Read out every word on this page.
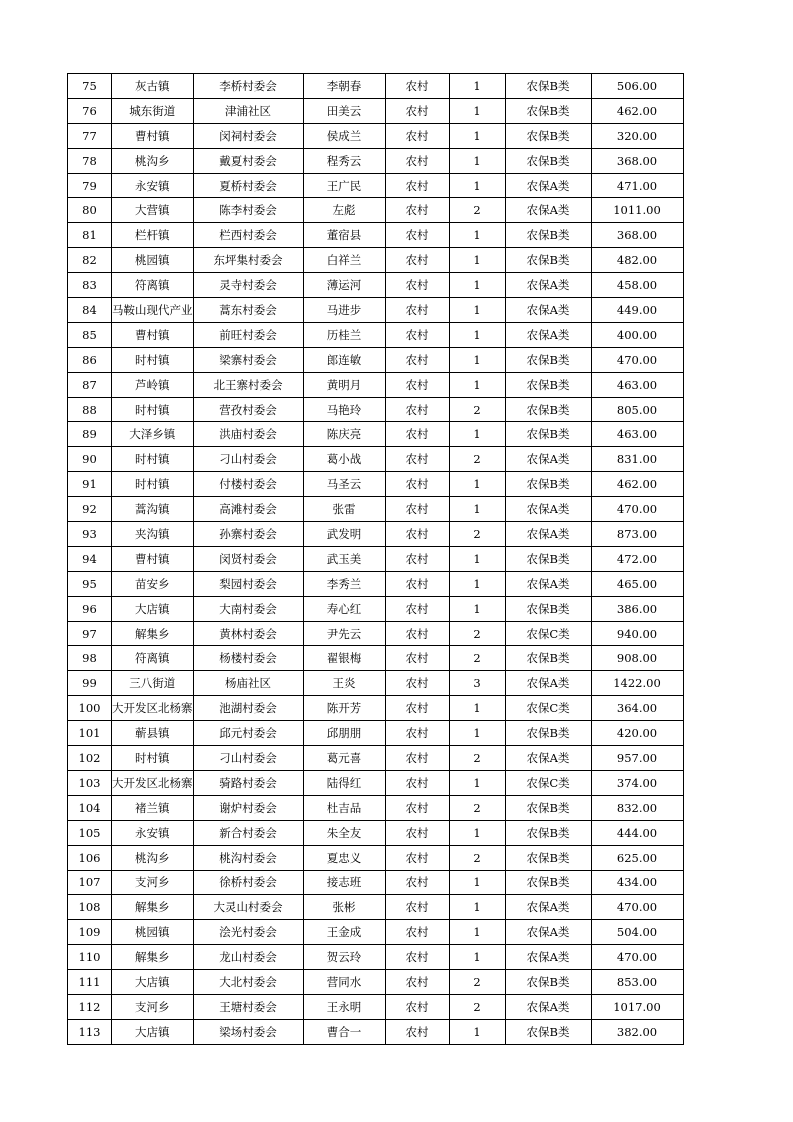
75	灰古镇	李桥村委会	李朝春	农村	1	农保B类	506.00
76	城东街道	津浦社区	田美云	农村	1	农保B类	462.00
77	曹村镇	闵祠村委会	侯成兰	农村	1	农保B类	320.00
78	桃沟乡	戴夏村委会	程秀云	农村	1	农保B类	368.00
79	永安镇	夏桥村委会	王广民	农村	1	农保A类	471.00
80	大营镇	陈李村委会	左彪	农村	2	农保A类	1011.00
81	栏杆镇	栏西村委会	董宿县	农村	1	农保B类	368.00
82	桃园镇	东坪集村委会	白祥兰	农村	1	农保B类	482.00
83	符离镇	灵寺村委会	薄运河	农村	1	农保A类	458.00
84	马鞍山现代产业	蒿东村委会	马进步	农村	1	农保A类	449.00
85	曹村镇	前旺村委会	历桂兰	农村	1	农保A类	400.00
86	时村镇	梁寨村委会	郎连敏	农村	1	农保B类	470.00
87	芦岭镇	北王寨村委会	黄明月	农村	1	农保B类	463.00
88	时村镇	营孜村委会	马艳玲	农村	2	农保B类	805.00
89	大泽乡镇	洪庙村委会	陈庆亮	农村	1	农保B类	463.00
90	时村镇	刁山村委会	葛小战	农村	2	农保A类	831.00
91	时村镇	付楼村委会	马圣云	农村	1	农保B类	462.00
92	蒿沟镇	高滩村委会	张雷	农村	1	农保A类	470.00
93	夹沟镇	孙寨村委会	武发明	农村	2	农保A类	873.00
94	曹村镇	闵贤村委会	武玉美	农村	1	农保B类	472.00
95	苗安乡	梨园村委会	李秀兰	农村	1	农保A类	465.00
96	大店镇	大南村委会	寿心红	农村	1	农保B类	386.00
97	解集乡	黄林村委会	尹先云	农村	2	农保C类	940.00
98	符离镇	杨楼村委会	翟银梅	农村	2	农保B类	908.00
99	三八街道	杨庙社区	王炎	农村	3	农保A类	1422.00
100	大开发区北杨寨	池湖村委会	陈开芳	农村	1	农保C类	364.00
101	蕲县镇	邱元村委会	邱朋朋	农村	1	农保B类	420.00
102	时村镇	刁山村委会	葛元喜	农村	2	农保A类	957.00
103	大开发区北杨寨	骑路村委会	陆得红	农村	1	农保C类	374.00
104	褚兰镇	谢炉村委会	杜吉品	农村	2	农保B类	832.00
105	永安镇	新合村委会	朱全友	农村	1	农保B类	444.00
106	桃沟乡	桃沟村委会	夏忠义	农村	2	农保B类	625.00
107	支河乡	徐桥村委会	接志班	农村	1	农保B类	434.00
108	解集乡	大灵山村委会	张彬	农村	1	农保A类	470.00
109	桃园镇	浍光村委会	王金成	农村	1	农保A类	504.00
110	解集乡	龙山村委会	贺云玲	农村	1	农保A类	470.00
111	大店镇	大北村委会	营同水	农村	2	农保B类	853.00
112	支河乡	王塘村委会	王永明	农村	2	农保A类	1017.00
113	大店镇	梁场村委会	曹合一	农村	1	农保B类	382.00
